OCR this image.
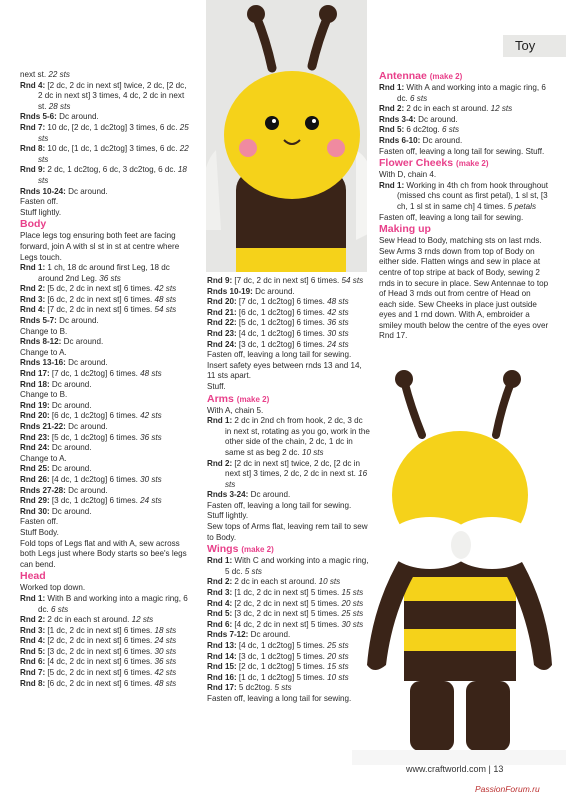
Toy

next st. 22 sts

Rnd 4: [2 dc, 2 dc in next st] twice, 2 dc, [2 dc, 2 dc in next st] 3 times, 4 dc, 2 dc in next st. 28 sts

Rnds 5-6: Dc around.

Rnd 7: 10 dc, [2 dc, 1 dc2tog] 3 times, 6 dc. 25 sts

Rnd 8: 10 dc, [1 dc, 1 dc2tog] 3 times, 6 dc. 22 sts

Rnd 9: 2 dc, 1 dc2tog, 6 dc, 3 dc2tog, 6 dc. 18 sts

Rnds 10-24: Dc around.

Fasten off.

Stuff lightly.

Body

Place legs tog ensuring both feet are facing forward, join A with sl st in st at centre where Legs touch.

Rnd 1: 1 ch, 18 dc around first Leg, 18 dc around 2nd Leg. 36 sts

Rnd 2: [5 dc, 2 dc in next st] 6 times. 42 sts

Rnd 3: [6 dc, 2 dc in next st] 6 times. 48 sts

Rnd 4: [7 dc, 2 dc in next st] 6 times. 54 sts

Rnds 5-7: Dc around.

Change to B.

Rnds 8-12: Dc around.

Change to A.

Rnds 13-16: Dc around.

Rnd 17: [7 dc, 1 dc2tog] 6 times. 48 sts

Rnd 18: Dc around.

Change to B.

Rnd 19: Dc around.

Rnd 20: [6 dc, 1 dc2tog] 6 times. 42 sts

Rnds 21-22: Dc around.

Rnd 23: [5 dc, 1 dc2tog] 6 times. 36 sts

Rnd 24: Dc around.

Change to A.

Rnd 25: Dc around.

Rnd 26: [4 dc, 1 dc2tog] 6 times. 30 sts

Rnds 27-28: Dc around.

Rnd 29: [3 dc, 1 dc2tog] 6 times. 24 sts

Rnd 30: Dc around.

Fasten off.

Stuff Body.

Fold tops of Legs flat and with A, sew across both Legs just where Body starts so bee's legs can bend.

Head

Worked top down.

Rnd 1: With B and working into a magic ring, 6 dc. 6 sts

Rnd 2: 2 dc in each st around. 12 sts

Rnd 3: [1 dc, 2 dc in next st] 6 times. 18 sts

Rnd 4: [2 dc, 2 dc in next st] 6 times. 24 sts

Rnd 5: [3 dc, 2 dc in next st] 6 times. 30 sts

Rnd 6: [4 dc, 2 dc in next st] 6 times. 36 sts

Rnd 7: [5 dc, 2 dc in next st] 6 times. 42 sts

Rnd 8: [6 dc, 2 dc in next st] 6 times. 48 sts

Rnd 9: [7 dc, 2 dc in next st] 6 times. 54 sts

Rnds 10-19: Dc around.

Rnd 20: [7 dc, 1 dc2tog] 6 times. 48 sts

Rnd 21: [6 dc, 1 dc2tog] 6 times. 42 sts

Rnd 22: [5 dc, 1 dc2tog] 6 times. 36 sts

Rnd 23: [4 dc, 1 dc2tog] 6 times. 30 sts

Rnd 24: [3 dc, 1 dc2tog] 6 times. 24 sts

Fasten off, leaving a long tail for sewing. Insert safety eyes between rnds 13 and 14, 11 sts apart.

Stuff.

Arms (make 2)

With A, chain 5.

Rnd 1: 2 dc in 2nd ch from hook, 2 dc, 3 dc in next st, rotating as you go, work in the other side of the chain, 2 dc, 1 dc in same st as beg 2 dc. 10 sts

Rnd 2: [2 dc in next st] twice, 2 dc, [2 dc in next st] 3 times, 2 dc, 2 dc in next st. 16 sts

Rnds 3-24: Dc around.

Fasten off, leaving a long tail for sewing.

Stuff lightly.

Sew tops of Arms flat, leaving rem tail to sew to Body.

Wings (make 2)

Rnd 1: With C and working into a magic ring, 5 dc. 5 sts

Rnd 2: 2 dc in each st around. 10 sts

Rnd 3: [1 dc, 2 dc in next st] 5 times. 15 sts

Rnd 4: [2 dc, 2 dc in next st] 5 times. 20 sts

Rnd 5: [3 dc, 2 dc in next st] 5 times. 25 sts

Rnd 6: [4 dc, 2 dc in next st] 5 times. 30 sts

Rnds 7-12: Dc around.

Rnd 13: [4 dc, 1 dc2tog] 5 times. 25 sts

Rnd 14: [3 dc, 1 dc2tog] 5 times. 20 sts

Rnd 15: [2 dc, 1 dc2tog] 5 times. 15 sts

Rnd 16: [1 dc, 1 dc2tog] 5 times. 10 sts

Rnd 17: 5 dc2tog. 5 sts

Fasten off, leaving a long tail for sewing.

Antennae (make 2)

Rnd 1: With A and working into a magic ring, 6 dc. 6 sts

Rnd 2: 2 dc in each st around. 12 sts

Rnds 3-4: Dc around.

Rnd 5: 6 dc2tog. 6 sts

Rnds 6-10: Dc around.

Fasten off, leaving a long tail for sewing. Stuff.

Flower Cheeks (make 2)

With D, chain 4.

Rnd 1: Working in 4th ch from hook throughout (missed chs count as first petal), 1 sl st, [3 ch, 1 sl st in same ch] 4 times. 5 petals

Fasten off, leaving a long tail for sewing.

Making up

Sew Head to Body, matching sts on last rnds. Sew Arms 3 rnds down from top of Body on either side. Flatten wings and sew in place at centre of top stripe at back of Body, sewing 2 rnds in to secure in place. Sew Antennae to top of Head 3 rnds out from centre of Head on each side. Sew Cheeks in place just outside eyes and 1 rnd down. With A, embroider a smiley mouth below the centre of the eyes over Rnd 17.

www.craftworld.com | 13
PassionForum.ru
